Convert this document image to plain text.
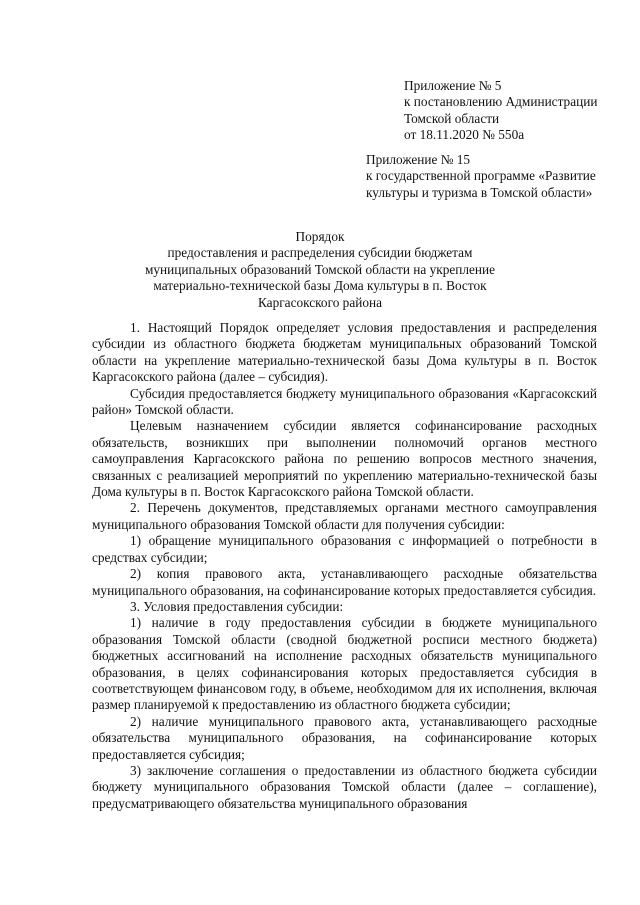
Приложение № 5
к постановлению Администрации
Томской области
от 18.11.2020 № 550а
Приложение № 15
к государственной программе «Развитие
культуры и туризма в Томской области»
Порядок
предоставления и распределения субсидии бюджетам
муниципальных образований Томской области на укрепление
материально-технической базы Дома культуры в п. Восток
Каргасокского района

1. Настоящий Порядок определяет условия предоставления и распределения субсидии из областного бюджета бюджетам муниципальных образований Томской области на укрепление материально-технической базы Дома культуры в п. Восток Каргасокского района (далее – субсидия).

Субсидия предоставляется бюджету муниципального образования «Каргасокский район» Томской области.

Целевым назначением субсидии является софинансирование расходных обязательств, возникших при выполнении полномочий органов местного самоуправления Каргасокского района по решению вопросов местного значения, связанных с реализацией мероприятий по укреплению материально-технической базы Дома культуры в п. Восток Каргасокского района Томской области.

2. Перечень документов, представляемых органами местного самоуправления муниципального образования Томской области для получения субсидии:

1) обращение муниципального образования с информацией о потребности в средствах субсидии;

2) копия правового акта, устанавливающего расходные обязательства муниципального образования, на софинансирование которых предоставляется субсидия.

3. Условия предоставления субсидии:

1) наличие в году предоставления субсидии в бюджете муниципального образования Томской области (сводной бюджетной росписи местного бюджета) бюджетных ассигнований на исполнение расходных обязательств муниципального образования, в целях софинансирования которых предоставляется субсидия в соответствующем финансовом году, в объеме, необходимом для их исполнения, включая размер планируемой к предоставлению из областного бюджета субсидии;

2) наличие муниципального правового акта, устанавливающего расходные обязательства муниципального образования, на софинансирование которых предоставляется субсидия;

3) заключение соглашения о предоставлении из областного бюджета субсидии бюджету муниципального образования Томской области (далее – соглашение), предусматривающего обязательства муниципального образования
